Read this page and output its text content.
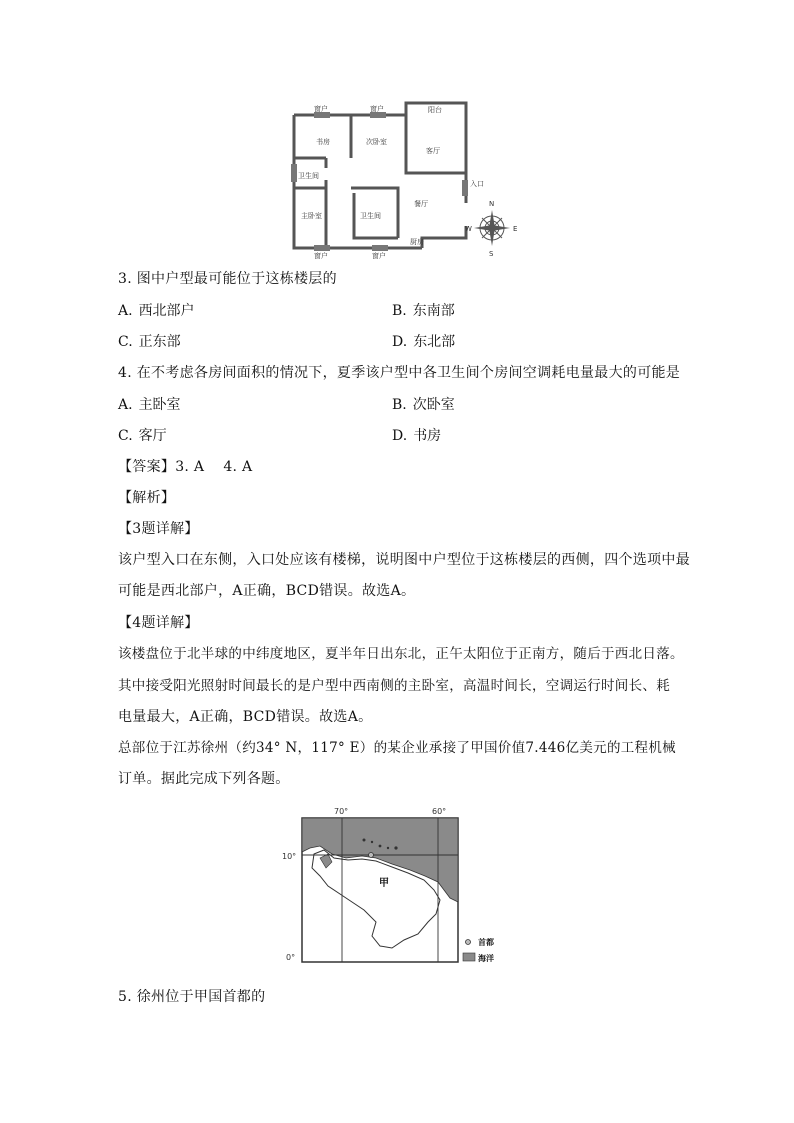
书房	次卧室
阳台
客厅
卫生间
主卧室	卫生间
餐厅
厨房
入口
窗户	窗户
窗户	窗户
N
S
W	E
3. 图中户型最可能位于这栋楼层的
A. 西北部户	B. 东南部
C. 正东部	D. 东北部
4. 在不考虑各房间面积的情况下，夏季该户型中各卫生间个房间空调耗电量最大的可能是
A. 主卧室	B. 次卧室
C. 客厅	D. 书房
【答案】3. A    4. A
【解析】
【3题详解】
该户型入口在东侧，入口处应该有楼梯，说明图中户型位于这栋楼层的西侧，四个选项中最
可能是西北部户，A正确，BCD错误。故选A。
【4题详解】
该楼盘位于北半球的中纬度地区，夏半年日出东北，正午太阳位于正南方，随后于西北日落。
其中接受阳光照射时间最长的是户型中西南侧的主卧室，高温时间长，空调运行时间长、耗
电量最大，A正确，BCD错误。故选A。
总部位于江苏徐州（约34° N，117° E）的某企业承接了甲国价值7.446亿美元的工程机械
订单。据此完成下列各题。
70°	60°
10°
0°
甲
首都
海洋
5. 徐州位于甲国首都的
